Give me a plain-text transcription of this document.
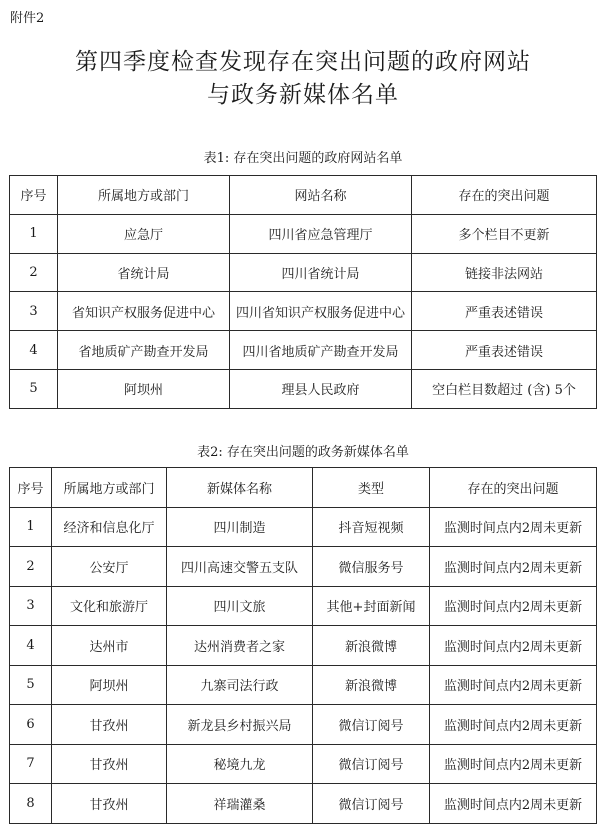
附件2
第四季度检查发现存在突出问题的政府网站
与政务新媒体名单
表1: 存在突出问题的政府网站名单
序号	所属地方或部门	网站名称	存在的突出问题
1	应急厅	四川省应急管理厅	多个栏目不更新
2	省统计局	四川省统计局	链接非法网站
3	省知识产权服务促进中心	四川省知识产权服务促进中心	严重表述错误
4	省地质矿产勘查开发局	四川省地质矿产勘查开发局	严重表述错误
5	阿坝州	理县人民政府	空白栏目数超过 (含) 5个
表2: 存在突出问题的政务新媒体名单
序号	所属地方或部门	新媒体名称	类型	存在的突出问题
1	经济和信息化厅	四川制造	抖音短视频	监测时间点内2周未更新
2	公安厅	四川高速交警五支队	微信服务号	监测时间点内2周未更新
3	文化和旅游厅	四川文旅	其他+封面新闻	监测时间点内2周未更新
4	达州市	达州消费者之家	新浪微博	监测时间点内2周未更新
5	阿坝州	九寨司法行政	新浪微博	监测时间点内2周未更新
6	甘孜州	新龙县乡村振兴局	微信订阅号	监测时间点内2周未更新
7	甘孜州	秘境九龙	微信订阅号	监测时间点内2周未更新
8	甘孜州	祥瑞灌桑	微信订阅号	监测时间点内2周未更新
